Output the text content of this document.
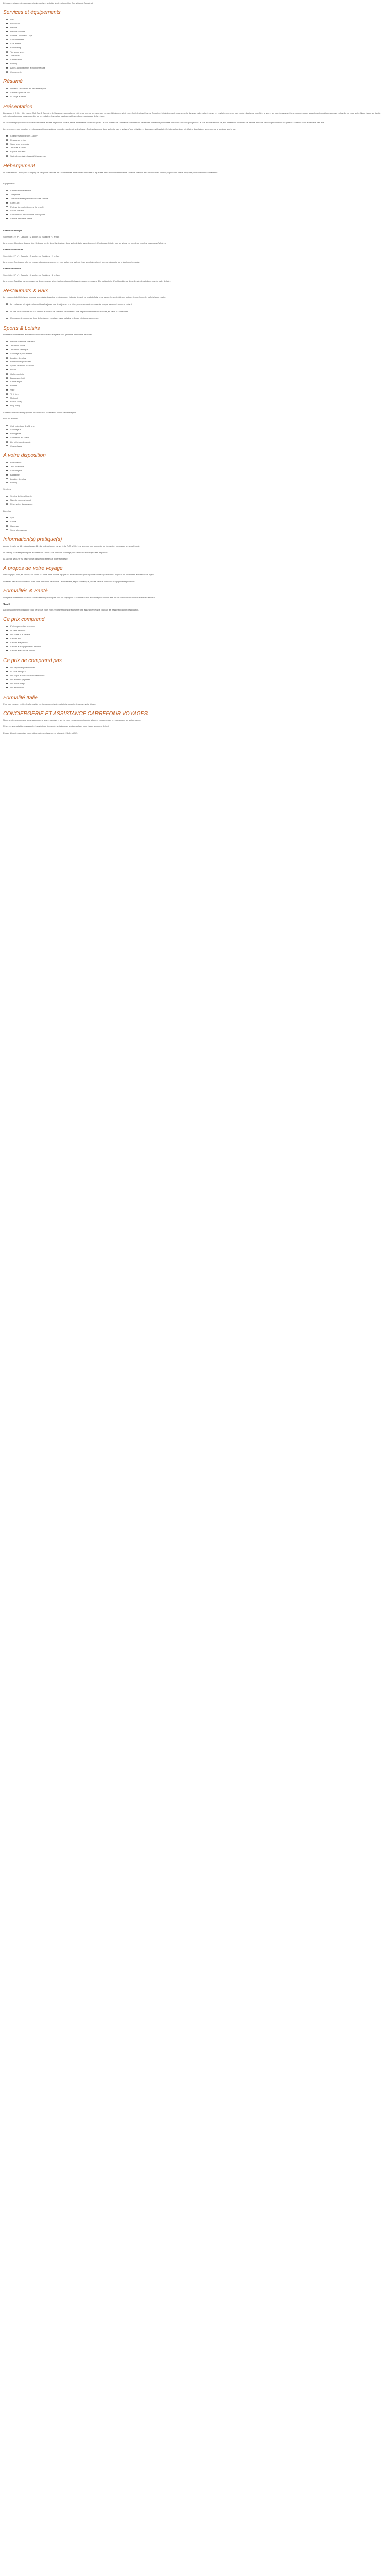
Découvrez ci-après les services, équipements et activités à votre disposition. Bon séjour à Sanguinet.

Services et équipements
Wifi
Restaurant
Piscine
Piscine couverte
Laverie / lavomatic - Spa
Salle de fitness
Club enfant
Baby-sitting
Terrain de sport
Télévision
Climatisation
Parking
Accès aux personnes à mobilité réduite
Conciergerie
Résumé
Lettres à l'accueil en en-tête et réception
Arrivée à partir de 16h
La plage à 200 m
Présentation

Bienvenue à l'hôtel Hôtel Nuevo Club Spa & Camping de Sanguinet, une adresse pleine de charme au cœur des Landes. Idéalement situé entre forêt de pins et lac de Sanguinet, l'établissement vous accueille dans un cadre naturel préservé. Les hébergements tout confort, la piscine chauffée, le spa et les nombreuses activités proposées vous garantissent un séjour reposant en famille ou entre amis. Notre équipe se tient à votre disposition pour vous conseiller sur les balades, les sorties nautiques et les meilleures adresses de la région.

Le restaurant propose une cuisine traditionnelle à base de produits locaux, servie en terrasse aux beaux jours. Le soir, profitez de l'ambiance conviviale du bar et des animations proposées en saison. Pour les plus jeunes, le club enfants et l'aire de jeux offrent des moments de détente en toute sécurité pendant que les parents se ressourcent à l'espace bien-être.

Les chambres sont réparties en plusieurs catégories afin de répondre aux besoins de chacun. Toutes disposent d'une salle de bain privative, d'une télévision et d'un accès wifi gratuit. Certaines chambres bénéficient d'un balcon avec vue sur le jardin ou sur le lac.

Chambres supérieures - 30 m²
Restaurant et bar
Salon avec cheminée
Terrasse et jardin
Espace bien-être
Salle de séminaire jusqu'à 50 personnes
Hébergement

Le Hôtel Nuevo Club Spa & Camping de Sanguinet dispose de 125 chambres entièrement rénovées et équipées de tout le confort moderne. Chaque chambre est décorée avec soin et propose une literie de qualité pour un sommeil réparateur.

Equipements

Climatisation réversible
Téléphone
Télévision écran plat avec chaînes satellite
Coffre-fort
Plateau de courtoisie avec thé et café
Sèche-cheveux
Salle de bain avec douche ou baignoire
Articles de toilette offerts

Chambre Classique

Superficie : 22 m² - Capacité : 2 adultes ou 2 adultes + 1 enfant

La chambre Classique dispose d'un lit double ou de deux lits simples, d'une salle de bain avec douche et d'un bureau. Idéale pour un séjour en couple ou pour les voyageurs d'affaires.

Chambre Supérieure

Superficie : 27 m² - Capacité : 3 adultes ou 2 adultes + 1 enfant

La chambre Supérieure offre un espace plus généreux avec un coin salon, une salle de bain avec baignoire et une vue dégagée sur le jardin ou la piscine.

Chambre Familiale

Superficie : 37 m² - Capacité : 4 adultes ou 2 adultes + 2 enfants

La chambre Familiale est composée de deux espaces séparés et peut accueillir jusqu'à quatre personnes. Elle est équipée d'un lit double, de deux lits simples et d'une grande salle de bain.

Restaurants & Bars

Le restaurant de l'hôtel vous propose une cuisine inventive et généreuse, élaborée à partir de produits frais et de saison. Le petit-déjeuner est servi sous forme de buffet chaque matin.

Le restaurant principal est ouvert tous les jours pour le déjeuner et le dîner, avec une carte renouvelée chaque saison et un menu enfant.
Le bar vous accueille de 10h à minuit autour d'une sélection de cocktails, vins régionaux et boissons fraîches, en salle ou en terrasse.
Un snack est proposé au bord de la piscine en saison, avec salades, grillades et glaces à emporter.
Sports & Loisirs

Profitez de nombreuses activités sportives et de loisirs sur place ou à proximité immédiate de l'hôtel.

Piscine extérieure chauffée
Terrain de tennis
Terrain de pétanque
Aire de jeux pour enfants
Location de vélos
Randonnées pédestres
Sports nautiques sur le lac
Pêche
Golf à proximité
Balades en forêt
Canoë-kayak
Paddle
Voile
Tir à l'arc
Mini-golf
Beach-volley
Ping-pong

Certaines activités sont payantes et soumises à réservation auprès de la réception.

Pour les enfants

Club enfants de 4 à 12 ans
Aire de jeux
Pataugeoire
Animations en saison
Lits bébé sur demande
Chaise haute
A votre disposition
Bibliothèque
Jeux de société
Salle de jeux
Bagagerie
Location de vélos
Parking

Services +

Service de blanchisserie
Navette gare / aéroport
Réservation d'excursions

Bien-être

Spa
Sauna
Hammam
Soins et massages
Information(s) pratique(s)

Arrivée à partir de 16h, départ avant 11h. Le petit-déjeuner est servi de 7h30 à 10h. Les animaux sont acceptés sur demande, moyennant un supplément.

Le parking privé est gratuit pour les clients de l'hôtel. Une borne de recharge pour véhicules électriques est disponible.

La taxe de séjour n'est pas incluse dans le prix et sera à régler sur place.

A propos de votre voyage

Vous voyagez seul, en couple, en famille ou entre amis ? Notre équipe est à votre écoute pour organiser votre séjour et vous proposer les meilleures activités de la région.

N'hésitez pas à nous contacter pour toute demande particulière : anniversaire, séjour romantique, arrivée tardive ou besoin d'équipement spécifique.

Formalités & Santé

Une pièce d'identité en cours de validité est obligatoire pour tous les voyageurs. Les mineurs non accompagnés doivent être munis d'une autorisation de sortie du territoire.

Santé

Aucun vaccin n'est obligatoire pour ce séjour. Nous vous recommandons de souscrire une assurance voyage couvrant les frais médicaux et d'annulation.

Ce prix comprend
L'hébergement en chambre
Le petit-déjeuner
Les taxes et le service
L'accès wifi
L'accès à la piscine
L'accès aux équipements de loisirs
L'accès à la salle de fitness
Ce prix ne comprend pas
Les dépenses personnelles
La taxe de séjour
Les repas et boissons non mentionnés
Les activités payantes
Les soins au spa
Les assurances
Formalité Italie

Pour tout voyage, vérifiez les formalités en vigueur auprès des autorités compétentes avant votre départ.

CONCIERGERIE ET ASSISTANCE CARREFOUR VOYAGES

Notre service conciergerie vous accompagne avant, pendant et après votre voyage pour répondre à toutes vos demandes et vous assurer un séjour serein.

Réservez vos activités, restaurants, transferts ou demandes spéciales en quelques clics, notre équipe s'occupe de tout.

En cas d'imprévu pendant votre séjour, notre assistance est joignable 24h/24 et 7j/7.
